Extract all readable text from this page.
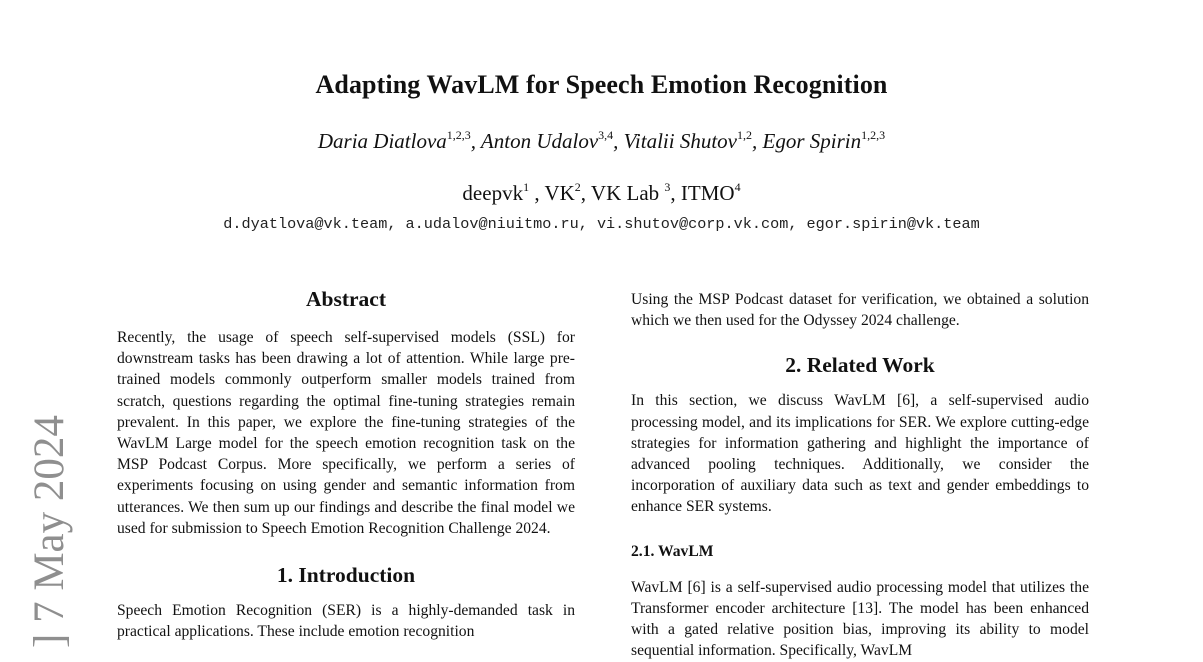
] 7 May 2024
Adapting WavLM for Speech Emotion Recognition
Daria Diatlova$^{1,2,3}$, Anton Udalov$^{3,4}$, Vitalii Shutov$^{1,2}$, Egor Spirin$^{1,2,3}$
deepvk$^1$ , $VK^2$, VK Lab $^3$, ITMO$^4$
d.dyatlova@vk.team, a.udalov@niuitmo.ru, vi.shutov@corp.vk.com, egor.spirin@vk.team
Abstract

Recently, the usage of speech self-supervised models (SSL) for downstream tasks has been drawing a lot of attention. While large pre-trained models commonly outperform smaller models trained from scratch, questions regarding the optimal fine-tuning strategies remain prevalent. In this paper, we explore the fine-tuning strategies of the WavLM Large model for the speech emotion recognition task on the MSP Podcast Corpus. More specifically, we perform a series of experiments focusing on using gender and semantic information from utterances. We then sum up our findings and describe the final model we used for submission to Speech Emotion Recognition Challenge 2024.

1. Introduction

Speech Emotion Recognition (SER) is a highly-demanded task in practical applications. These include emotion recognition

Using the MSP Podcast dataset for verification, we obtained a solution which we then used for the Odyssey 2024 challenge.

2. Related Work

In this section, we discuss WavLM [6], a self-supervised audio processing model, and its implications for SER. We explore cutting-edge strategies for information gathering and highlight the importance of advanced pooling techniques. Additionally, we consider the incorporation of auxiliary data such as text and gender embeddings to enhance SER systems.

2.1. WavLM

WavLM [6] is a self-supervised audio processing model that utilizes the Transformer encoder architecture [13]. The model has been enhanced with a gated relative position bias, improving its ability to model sequential information. Specifically, WavLM
